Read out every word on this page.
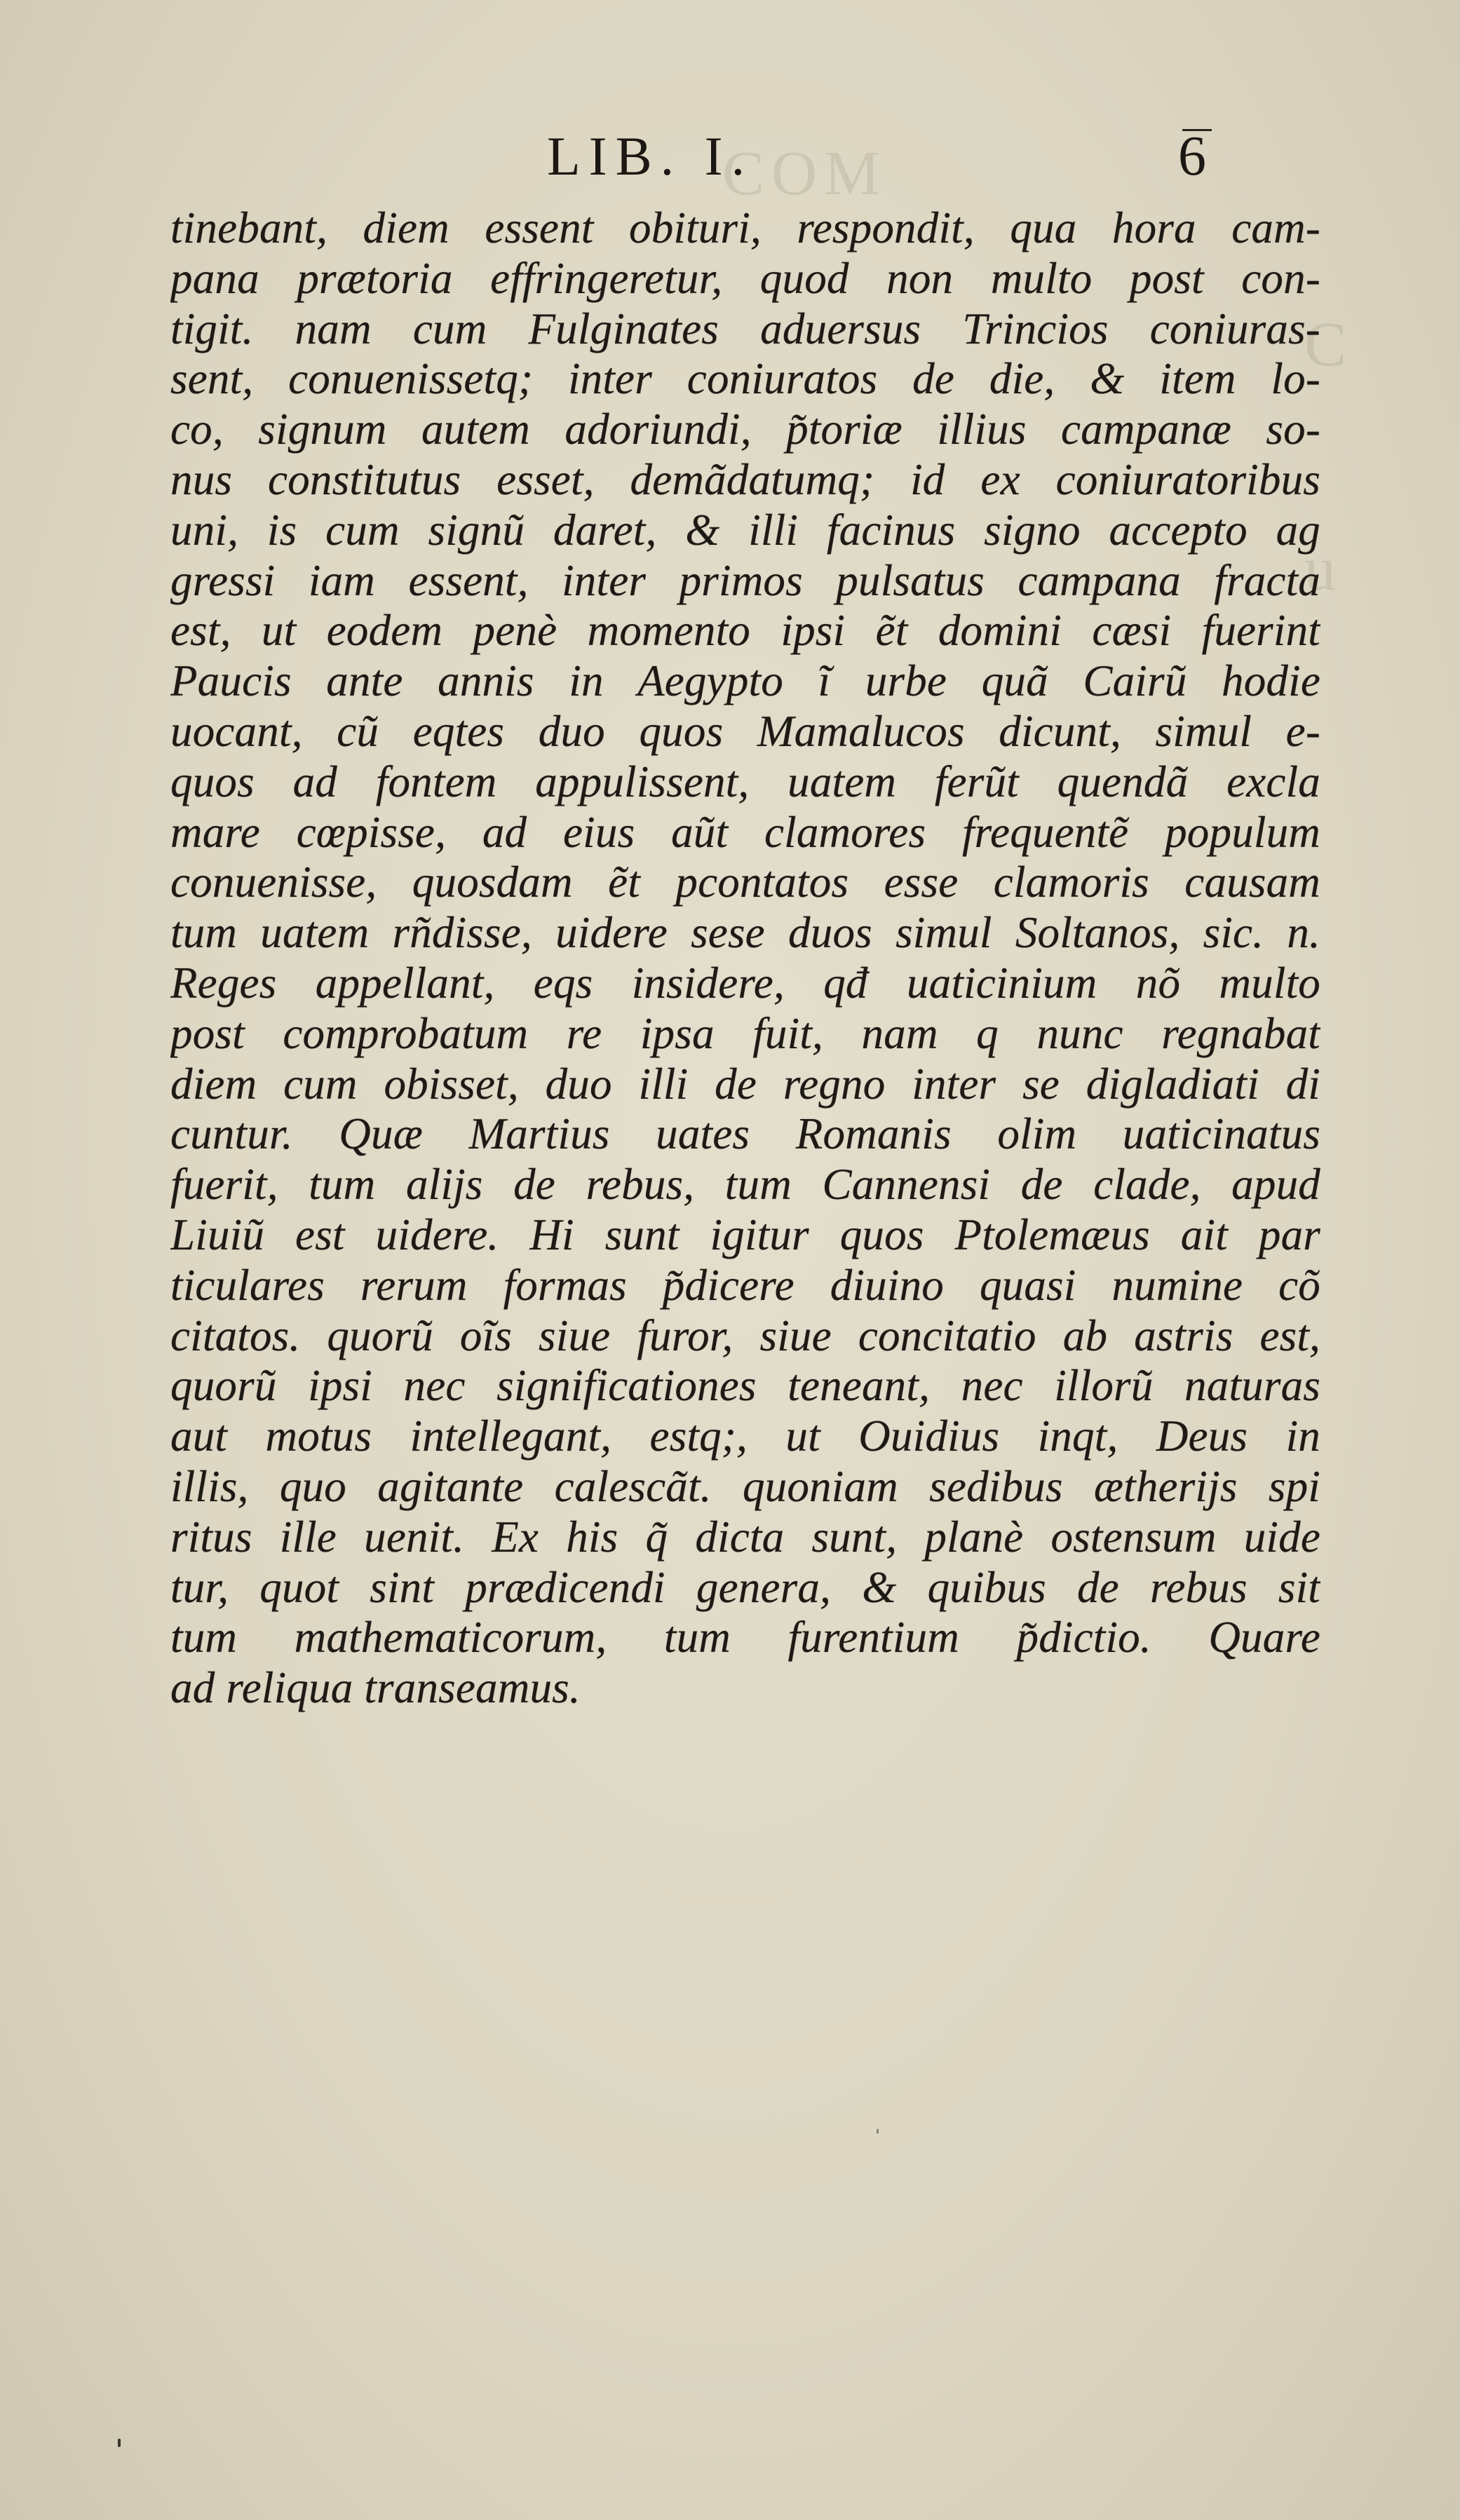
COM
C
u
LIB. I.	6
tinebant, diem essent obituri, respondit, qua hora cam-
pana prætoria effringeretur, quod non multo post con-
tigit. nam cum Fulginates aduersus Trincios coniuras-
sent, conuenissetq; inter coniuratos de die, & item lo-
co, signum autem adoriundi, p̃toriæ illius campanæ so-
nus constitutus esset, demãdatumq; id ex coniuratoribus
uni, is cum signũ daret, & illi facinus signo accepto ag
gressi iam essent, inter primos pulsatus campana fracta
est, ut eodem penè momento ipsi ẽt domini cæsi fuerint
Paucis ante annis in Aegypto ĩ urbe quã Cairũ hodie
uocant, cũ eqtes duo quos Mamalucos dicunt, simul e-
quos ad fontem appulissent, uatem ferũt quendã excla
mare cœpisse, ad eius aũt clamores frequentẽ populum
conuenisse, quosdam ẽt pcontatos esse clamoris causam
tum uatem rñdisse, uidere sese duos simul Soltanos, sic. n.
Reges appellant, eqs insidere, qđ uaticinium nõ multo
post comprobatum re ipsa fuit, nam q nunc regnabat
diem cum obisset, duo illi de regno inter se digladiati di
cuntur. Quæ Martius uates Romanis olim uaticinatus
fuerit, tum alijs de rebus, tum Cannensi de clade, apud
Liuiũ est uidere. Hi sunt igitur quos Ptolemæus ait par
ticulares rerum formas p̃dicere diuino quasi numine cõ
citatos. quorũ oĩs siue furor, siue concitatio ab astris est,
quorũ ipsi nec significationes teneant, nec illorũ naturas
aut motus intellegant, estq;, ut Ouidius inqt, Deus in
illis, quo agitante calescãt. quoniam sedibus ætherijs spi
ritus ille uenit. Ex his q̃ dicta sunt, planè ostensum uide
tur, quot sint prædicendi genera, & quibus de rebus sit
tum mathematicorum, tum furentium p̃dictio. Quare
ad reliqua transeamus.
